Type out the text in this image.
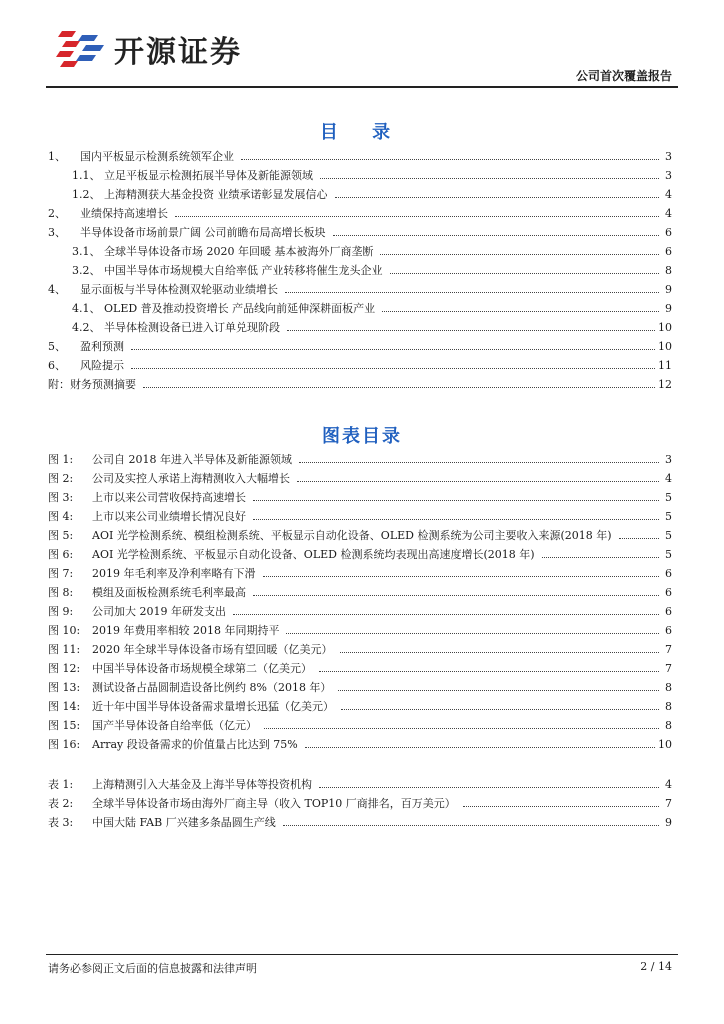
开源证券
公司首次覆盖报告
目 录
1、	国内平板显示检测系统领军企业	3
1.1、 立足平板显示检测拓展半导体及新能源领域	3
1.2、 上海精测获大基金投资 业绩承诺彰显发展信心	4
2、	业绩保持高速增长	4
3、	半导体设备市场前景广阔 公司前瞻布局高增长板块	6
3.1、 全球半导体设备市场 2020 年回暖 基本被海外厂商垄断	6
3.2、 中国半导体市场规模大自给率低 产业转移将催生龙头企业	8
4、	显示面板与半导体检测双轮驱动业绩增长	9
4.1、 OLED 普及推动投资增长 产品线向前延伸深耕面板产业	9
4.2、 半导体检测设备已进入订单兑现阶段	10
5、	盈利预测	10
6、	风险提示	11
附：财务预测摘要	12
图表目录
图 1:	公司自 2018 年进入半导体及新能源领域	3
图 2:	公司及实控人承诺上海精测收入大幅增长	4
图 3:	上市以来公司营收保持高速增长	5
图 4:	上市以来公司业绩增长情况良好	5
图 5:	AOI 光学检测系统、模组检测系统、平板显示自动化设备、OLED 检测系统为公司主要收入来源(2018 年)	5
图 6:	AOI 光学检测系统、平板显示自动化设备、OLED 检测系统均表现出高速度增长(2018 年)	5
图 7:	2019 年毛利率及净利率略有下滑	6
图 8:	模组及面板检测系统毛利率最高	6
图 9:	公司加大 2019 年研发支出	6
图 10:	2019 年费用率相较 2018 年同期持平	6
图 11:	2020 年全球半导体设备市场有望回暖（亿美元）	7
图 12:	中国半导体设备市场规模全球第二（亿美元）	7
图 13:	测试设备占晶圆制造设备比例约 8%（2018 年）	8
图 14:	近十年中国半导体设备需求量增长迅猛（亿美元）	8
图 15:	国产半导体设备自给率低（亿元）	8
图 16:	Array 段设备需求的价值量占比达到 75%	10
表 1:	上海精测引入大基金及上海半导体等投资机构	4
表 2:	全球半导体设备市场由海外厂商主导（收入 TOP10 厂商排名，百万美元）	7
表 3:	中国大陆 FAB 厂兴建多条晶圆生产线	9
请务必参阅正文后面的信息披露和法律声明	2 / 14
